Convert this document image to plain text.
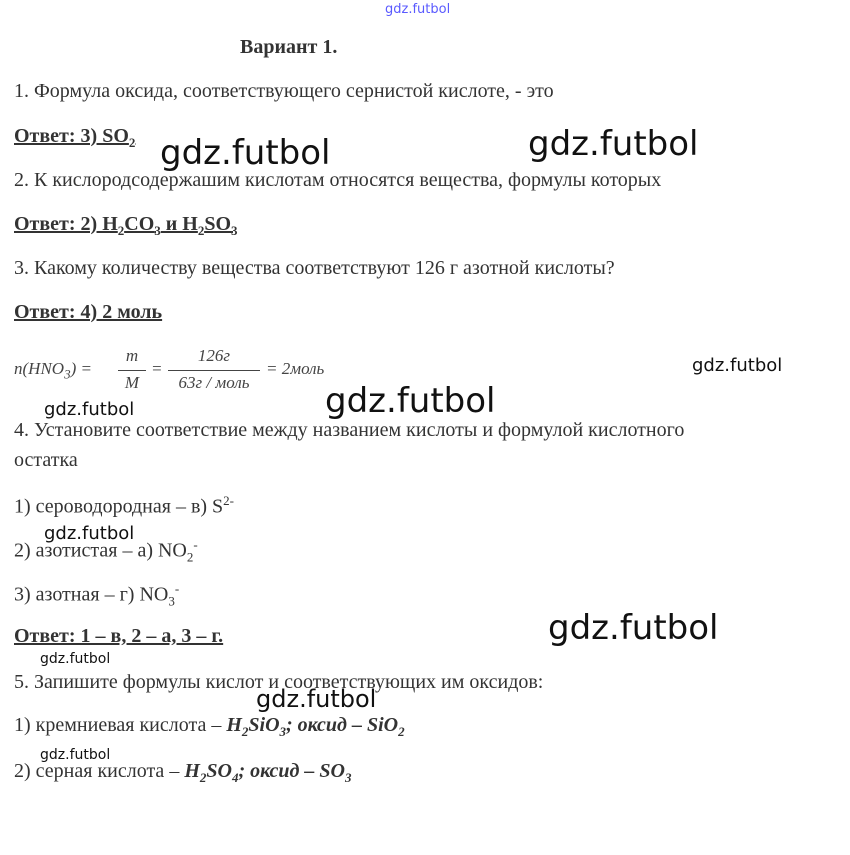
gdz.futbol
Вариант 1.
1. Формула оксида, соответствующего сернистой кислоте, - это
Ответ: 3) $SO_2$
2. К кислородсодержашим кислотам относятся вещества, формулы которых
Ответ: 2) $H_2CO_3$ и $H_2SO_3$
3. Какому количеству вещества соответствуют 126 г азотной кислоты?
Ответ: 4) 2 моль
$n(HNO_3)$ =
m
M
=
126г
63г / моль
= 2моль
4. Установите соответствие между названием кислоты и формулой кислотного
остатка
1) сероводородная – в) $S^{2-}$
2) азотистая – а) $NO_2^-$
3) азотная – г) $NO_3^-$
Ответ: 1 – в, 2 – а, 3 – г.
5. Запишите формулы кислот и соответствующих им оксидов:
1) кремниевая кислота – $H_2SiO_3$; оксид – SiO$_2$
2) серная кислота – $H_2SO_4$; оксид – $SO_3$
gdz.futbol	gdz.futbol
gdz.futbol
gdz.futbol	gdz.futbol
gdz.futbol
gdz.futbol
gdz.futbol
gdz.futbol
gdz.futbol
